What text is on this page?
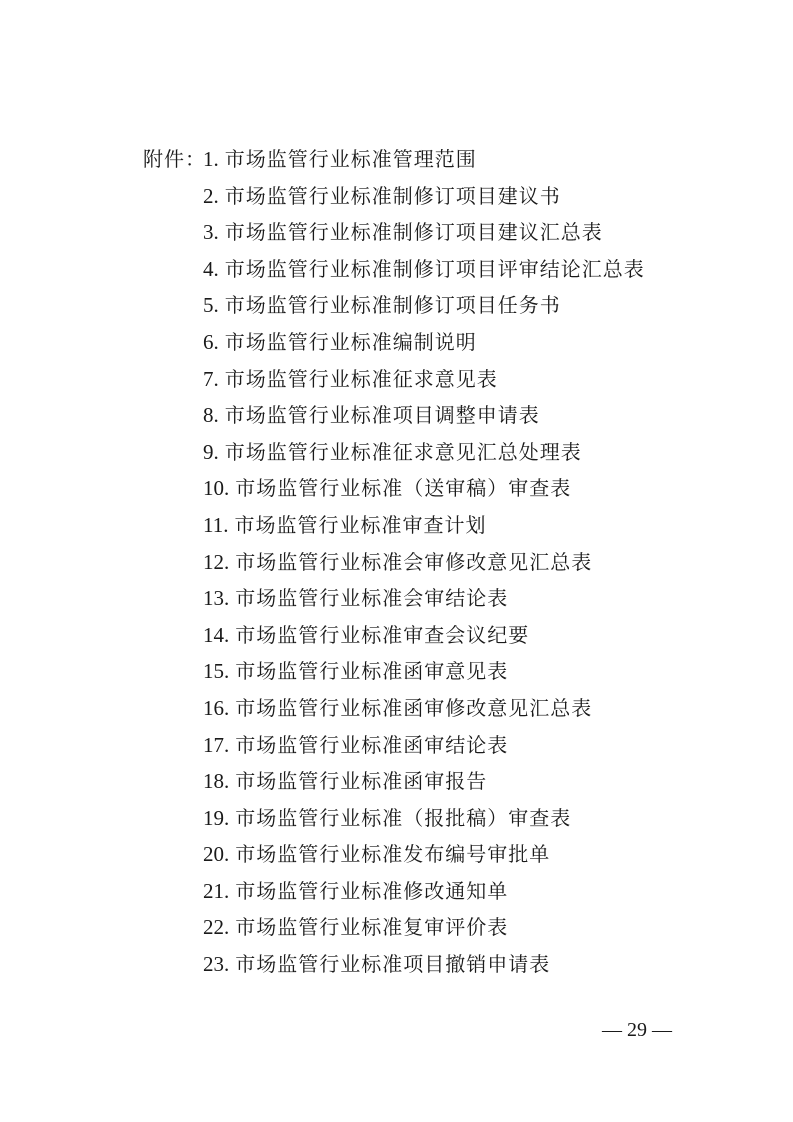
附件：
1. 市场监管行业标准管理范围
2. 市场监管行业标准制修订项目建议书
3. 市场监管行业标准制修订项目建议汇总表
4. 市场监管行业标准制修订项目评审结论汇总表
5. 市场监管行业标准制修订项目任务书
6. 市场监管行业标准编制说明
7. 市场监管行业标准征求意见表
8. 市场监管行业标准项目调整申请表
9. 市场监管行业标准征求意见汇总处理表
10. 市场监管行业标准（送审稿）审查表
11. 市场监管行业标准审查计划
12. 市场监管行业标准会审修改意见汇总表
13. 市场监管行业标准会审结论表
14. 市场监管行业标准审查会议纪要
15. 市场监管行业标准函审意见表
16. 市场监管行业标准函审修改意见汇总表
17. 市场监管行业标准函审结论表
18. 市场监管行业标准函审报告
19. 市场监管行业标准（报批稿）审查表
20. 市场监管行业标准发布编号审批单
21. 市场监管行业标准修改通知单
22. 市场监管行业标准复审评价表
23. 市场监管行业标准项目撤销申请表
— 29 —
